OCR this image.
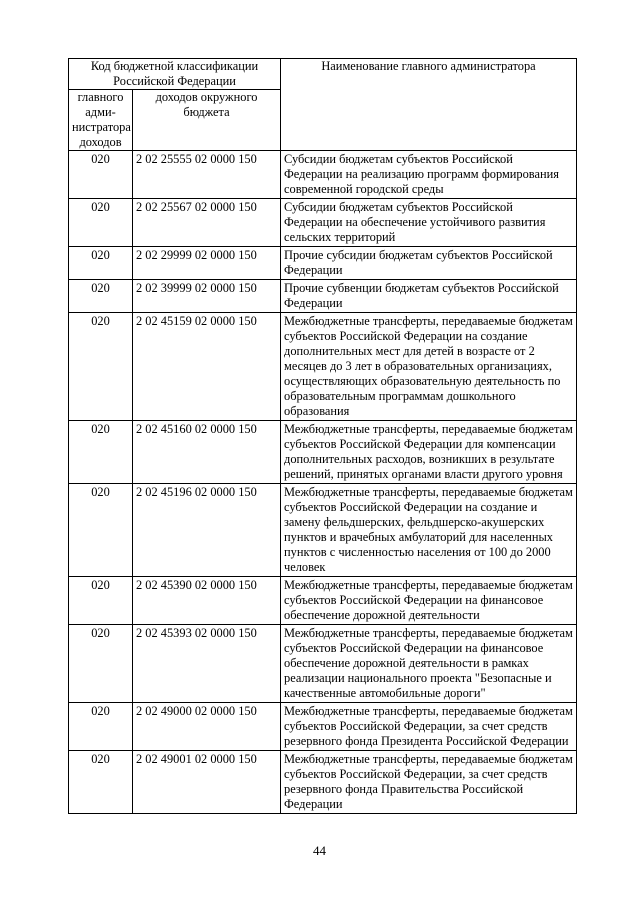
Код бюджетной классификации Российской Федерации		Наименование главного администратора
главного адми-нистратора доходов	доходов окружного бюджета	
020	2 02 25555 02 0000 150	Субсидии бюджетам субъектов Российской Федерации на реализацию программ формирования современной городской среды
020	2 02 25567 02 0000 150	Субсидии бюджетам субъектов Российской Федерации на обеспечение устойчивого развития сельских территорий
020	2 02 29999 02 0000 150	Прочие субсидии бюджетам субъектов Российской Федерации
020	2 02 39999 02 0000 150	Прочие субвенции бюджетам субъектов Российской Федерации
020	2 02 45159 02 0000 150	Межбюджетные трансферты, передаваемые бюджетам субъектов Российской Федерации на создание дополнительных мест для детей в возрасте от 2 месяцев до 3 лет в образовательных организациях, осуществляющих образовательную деятельность по образовательным программам дошкольного образования
020	2 02 45160 02 0000 150	Межбюджетные трансферты, передаваемые бюджетам субъектов Российской Федерации для компенсации дополнительных расходов, возникших в результате решений, принятых органами власти другого уровня
020	2 02 45196 02 0000 150	Межбюджетные трансферты, передаваемые бюджетам субъектов Российской Федерации на создание и замену фельдшерских, фельдшерско-акушерских пунктов и врачебных амбулаторий для населенных пунктов с численностью населения от 100 до 2000 человек
020	2 02 45390 02 0000 150	Межбюджетные трансферты, передаваемые бюджетам субъектов Российской Федерации на финансовое обеспечение дорожной деятельности
020	2 02 45393 02 0000 150	Межбюджетные трансферты, передаваемые бюджетам субъектов Российской Федерации на финансовое обеспечение дорожной деятельности в рамках реализации национального проекта "Безопасные и качественные автомобильные дороги"
020	2 02 49000 02 0000 150	Межбюджетные трансферты, передаваемые бюджетам субъектов Российской Федерации, за счет средств резервного фонда Президента Российской Федерации
020	2 02 49001 02 0000 150	Межбюджетные трансферты, передаваемые бюджетам субъектов Российской Федерации, за счет средств резервного фонда Правительства Российской Федерации
44
